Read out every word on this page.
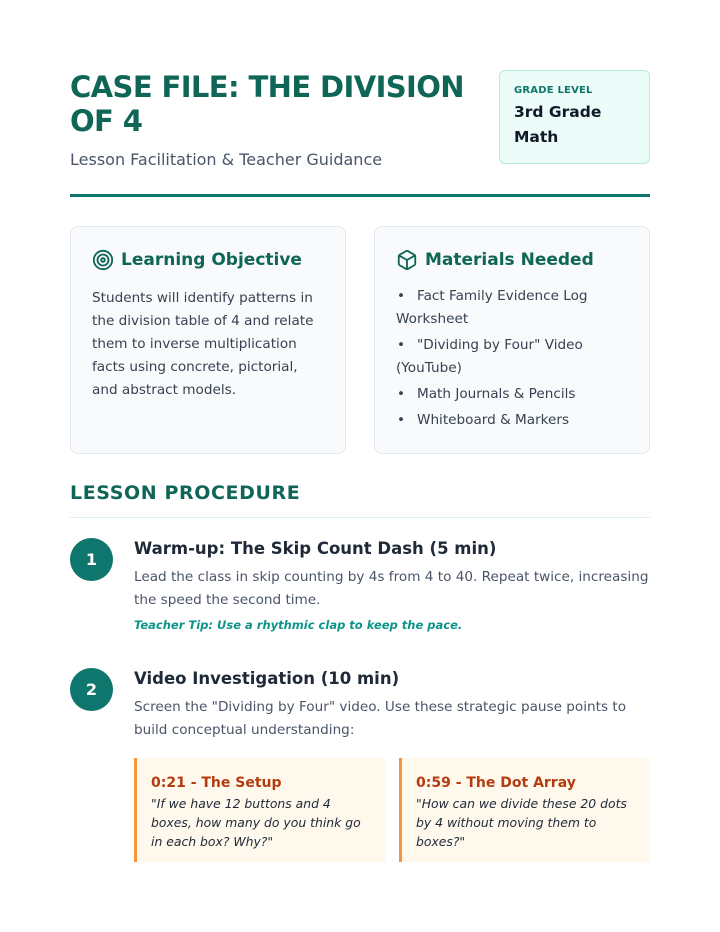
CASE FILE: THE DIVISION OF 4
Lesson Facilitation & Teacher Guidance
GRADE LEVEL
3rd Grade Math
Learning Objective
Students will identify patterns in the division table of 4 and relate them to inverse multiplication facts using concrete, pictorial, and abstract models.
Materials Needed
• Fact Family Evidence Log Worksheet
• "Dividing by Four" Video (YouTube)
• Math Journals & Pencils
• Whiteboard & Markers
LESSON PROCEDURE
1
Warm-up: The Skip Count Dash (5 min)
Lead the class in skip counting by 4s from 4 to 40. Repeat twice, increasing the speed the second time.
Teacher Tip: Use a rhythmic clap to keep the pace.
2
Video Investigation (10 min)
Screen the "Dividing by Four" video. Use these strategic pause points to build conceptual understanding:
0:21 - The Setup
"If we have 12 buttons and 4 boxes, how many do you think go in each box? Why?"
0:59 - The Dot Array
"How can we divide these 20 dots by 4 without moving them to boxes?"
